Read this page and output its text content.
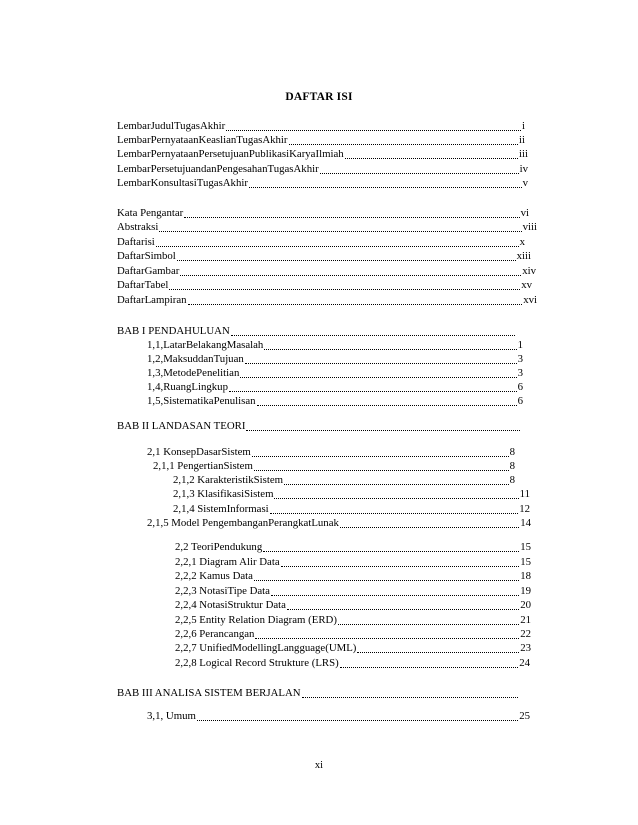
DAFTAR ISI
LembarJudulTugasAkhir	i
LembarPernyataanKeaslianTugasAkhir	ii
LembarPernyataanPersetujuanPublikasiKaryaIlmiah	iii
LembarPersetujuandanPengesahanTugasAkhir	iv
LembarKonsultasiTugasAkhir	v
Kata Pengantar	vi
Abstraksi	viii
Daftarisi	x
DaftarSimbol	xiii
DaftarGambar	xiv
DaftarTabel	xv
DaftarLampiran	xvi
BAB I PENDAHULUAN
1,1,LatarBelakangMasalah	1
1,2,MaksuddanTujuan	3
1,3,MetodePenelitian	3
1,4,RuangLingkup	6
1,5,SistematikaPenulisan	6
BAB II LANDASAN TEORI
2,1 KonsepDasarSistem	8
2,1,1 PengertianSistem	8
2,1,2 KarakteristikSistem	8
2,1,3 KlasifikasiSistem	11
2,1,4 SistemInformasi	12
2,1,5 Model PengembanganPerangkatLunak	14
2,2 TeoriPendukung	15
2,2,1 Diagram Alir Data	15
2,2,2 Kamus Data	18
2,2,3 NotasiTipe Data	19
2,2,4 NotasiStruktur Data	20
2,2,5 Entity Relation Diagram (ERD)	21
2,2,6 Perancangan	22
2,2,7 UnifiedModellingLangguage(UML)	23
2,2,8 Logical Record Strukture (LRS)	24
BAB III ANALISA SISTEM BERJALAN
3,1, Umum	25
xi
